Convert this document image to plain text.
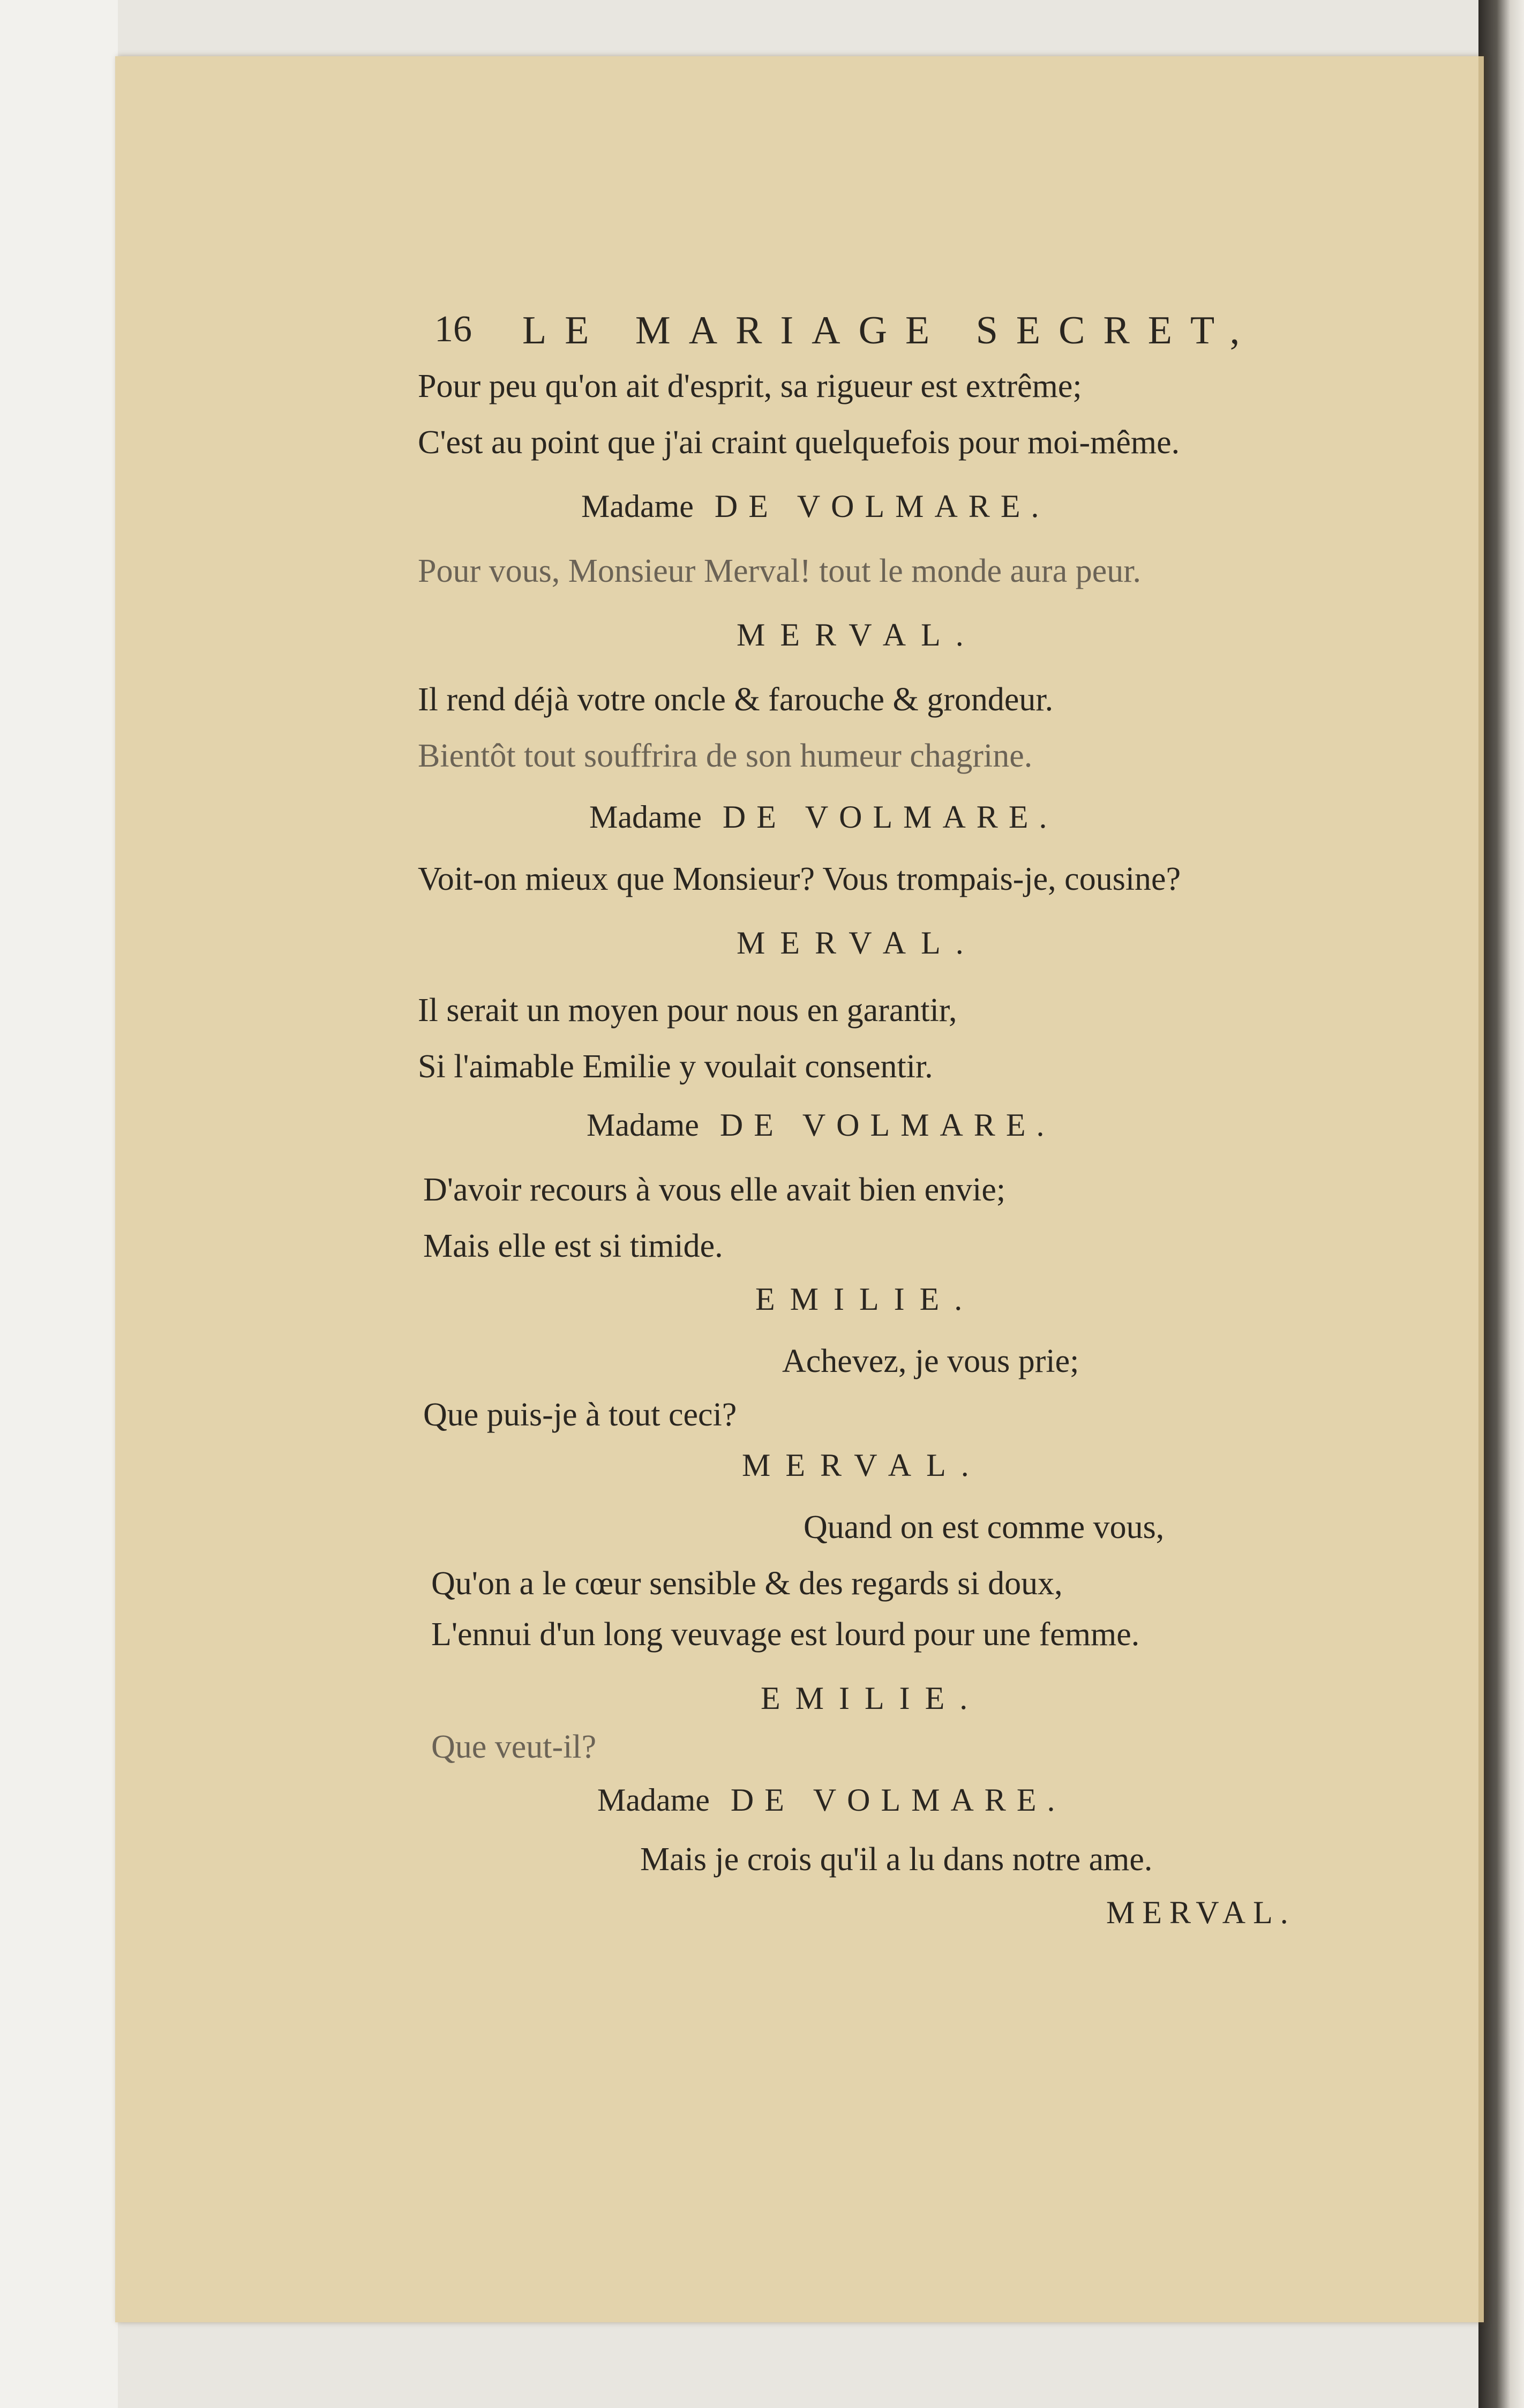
16 LE MARIAGE SECRET,
Pour peu qu'on ait d'esprit, sa rigueur est extrême;
C'est au point que j'ai craint quelquefois pour moi-même.
Madame DE VOLMARE.
Pour vous, Monsieur Merval! tout le monde aura peur.
MERVAL.
Il rend déjà votre oncle & farouche & grondeur.
Bientôt tout souffrira de son humeur chagrine.
Madame DE VOLMARE.
Voit-on mieux que Monsieur? Vous trompais-je, cousine?
MERVAL.
Il serait un moyen pour nous en garantir,
Si l'aimable Emilie y voulait consentir.
Madame DE VOLMARE.
D'avoir recours à vous elle avait bien envie;
Mais elle est si timide.
EMILIE.
Achevez, je vous prie;
Que puis-je à tout ceci?
MERVAL.
Quand on est comme vous,
Qu'on a le cœur sensible & des regards si doux,
L'ennui d'un long veuvage est lourd pour une femme.
EMILIE.
Que veut-il?
Madame DE VOLMARE.
Mais je crois qu'il a lu dans notre ame.
MERVAL.
